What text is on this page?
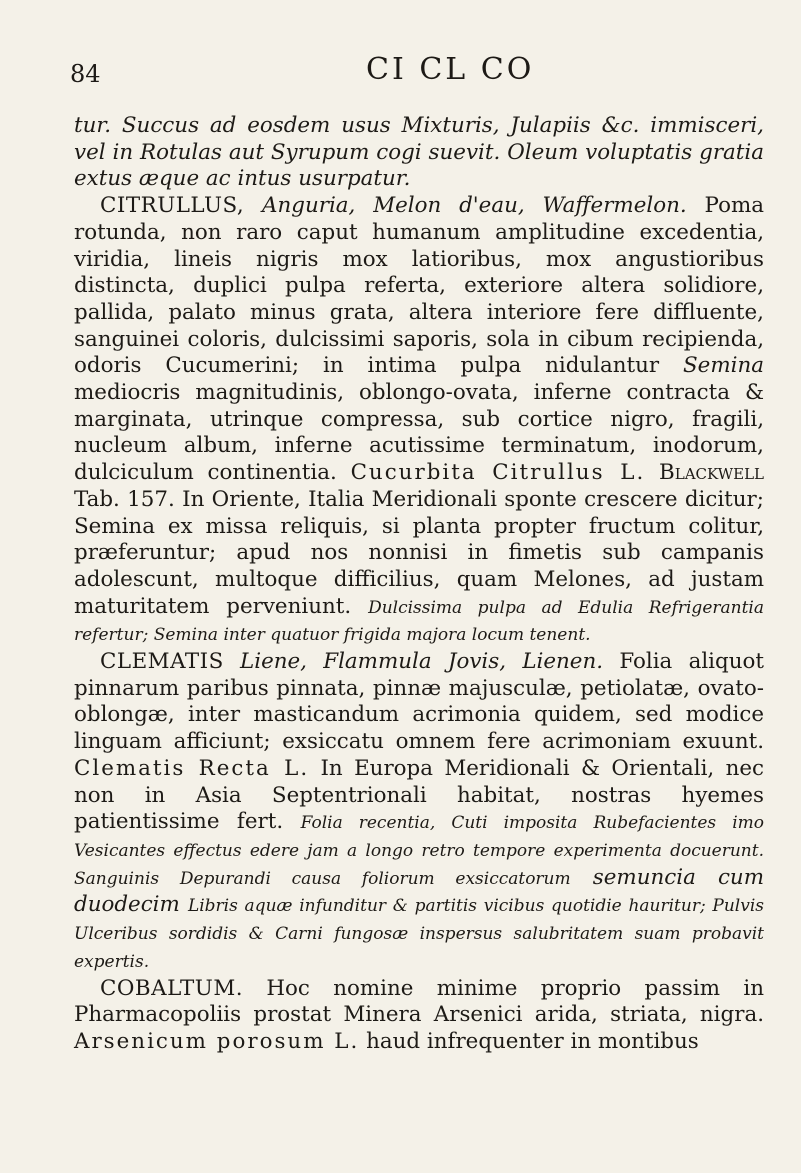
84	CI CL CO

tur. Succus ad eosdem usus Mixturis, Julapiis &c. immisceri, vel in Rotulas aut Syrupum cogi suevit. Oleum voluptatis gratia extus æque ac intus usurpatur.

CITRULLUS, Anguria, Melon d'eau, Waffermelon. Poma rotunda, non raro caput humanum amplitudine excedentia, viridia, lineis nigris mox latioribus, mox angustioribus distincta, duplici pulpa referta, exteriore altera solidiore, pallida, palato minus grata, altera interiore fere diffluente, sanguinei coloris, dulcissimi saporis, sola in cibum recipienda, odoris Cucumerini; in intima pulpa nidulantur Semina mediocris magnitudinis, oblongo-ovata, inferne contracta & marginata, utrinque compressa, sub cortice nigro, fragili, nucleum album, inferne acutissime terminatum, inodorum, dulciculum continentia. Cucurbita Citrullus L. Blackwell Tab. 157. In Oriente, Italia Meridionali sponte crescere dicitur; Semina ex missa reliquis, si planta propter fructum colitur, præferuntur; apud nos nonnisi in fimetis sub campanis adolescunt, multoque difficilius, quam Melones, ad justam maturitatem perveniunt. Dulcissima pulpa ad Edulia Refrigerantia refertur; Semina inter quatuor frigida majora locum tenent.

CLEMATIS Liene, Flammula Jovis, Lienen. Folia aliquot pinnarum paribus pinnata, pinnæ majusculæ, petiolatæ, ovato-oblongæ, inter masticandum acrimonia quidem, sed modice linguam afficiunt; exsiccatu omnem fere acrimoniam exuunt. Clematis Recta L. In Europa Meridionali & Orientali, nec non in Asia Septentrionali habitat, nostras hyemes patientissime fert. Folia recentia, Cuti imposita Rubefacientes imo Vesicantes effectus edere jam a longo retro tempore experimenta docuerunt. Sanguinis Depurandi causa foliorum exsiccatorum semuncia cum duodecim Libris aquæ infunditur & partitis vicibus quotidie hauritur; Pulvis Ulceribus sordidis & Carni fungosæ inspersus salubritatem suam probavit expertis.

COBALTUM. Hoc nomine minime proprio passim in Pharmacopoliis prostat Minera Arsenici arida, striata, nigra. Arsenicum porosum L. haud infrequenter in montibus
